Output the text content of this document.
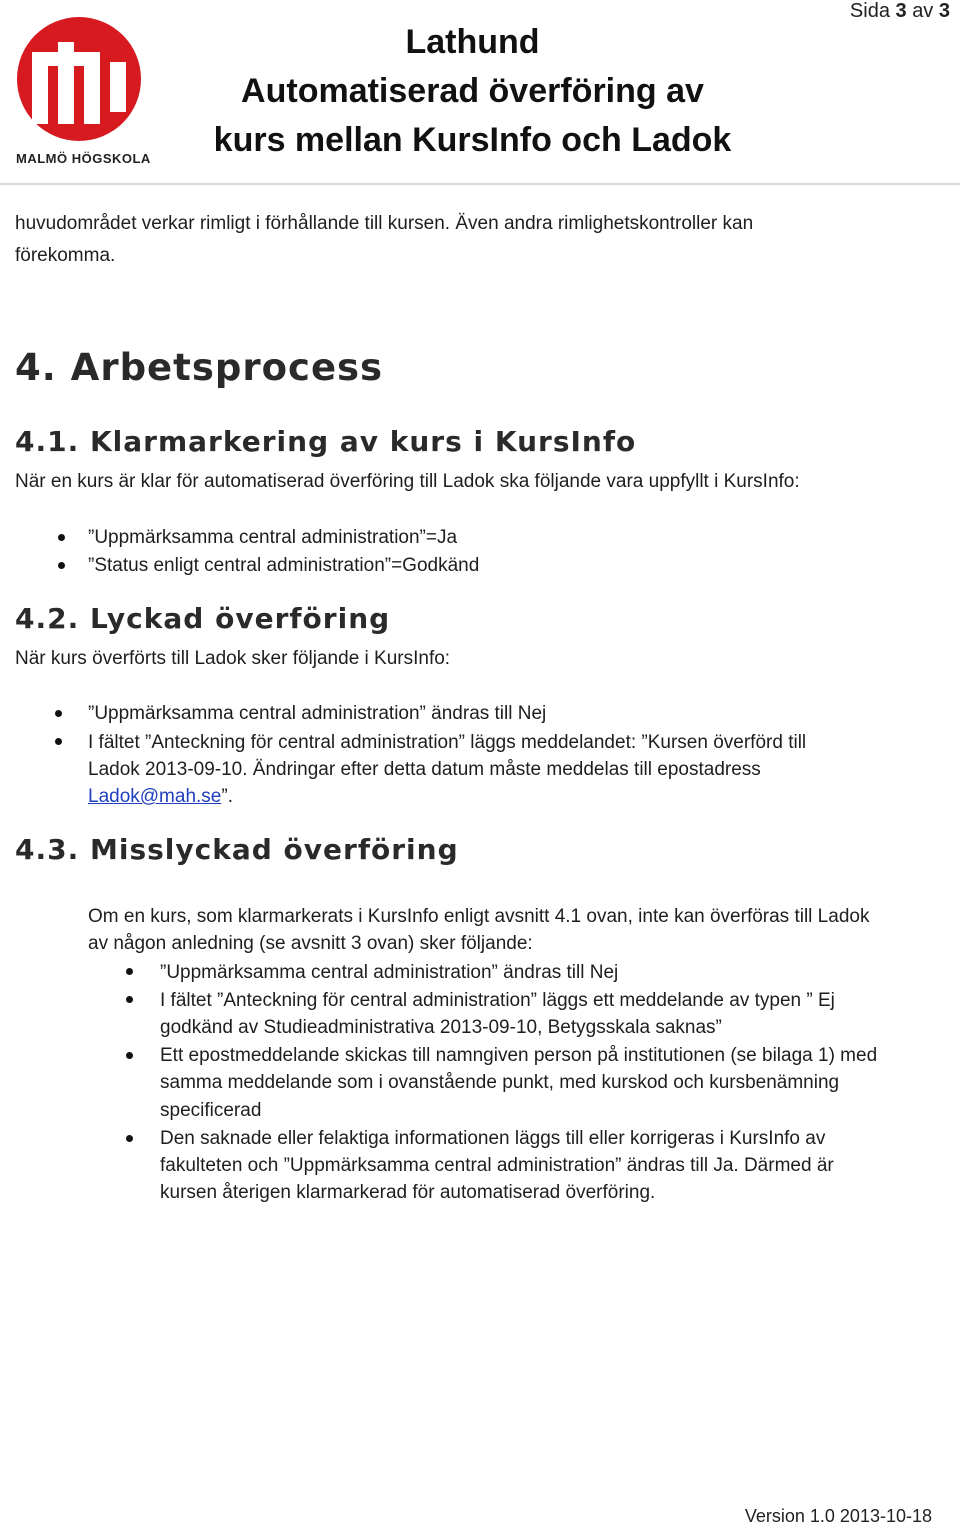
MALMÖ HÖGSKOLA
Lathund
Automatiserad överföring av
kurs mellan KursInfo och Ladok
Sida 3 av 3
huvudområdet verkar rimligt i förhållande till kursen. Även andra rimlighetskontroller kan
förekomma.
4. Arbetsprocess
4.1. Klarmarkering av kurs i KursInfo
När en kurs är klar för automatiserad överföring till Ladok ska följande vara uppfyllt i KursInfo:
”Uppmärksamma central administration”=Ja
”Status enligt central administration”=Godkänd
4.2. Lyckad överföring
När kurs överförts till Ladok sker följande i KursInfo:
”Uppmärksamma central administration” ändras till Nej
I fältet ”Anteckning för central administration” läggs meddelandet: ”Kursen överförd till
Ladok 2013-09-10. Ändringar efter detta datum måste meddelas till epostadress
Ladok@mah.se”.
4.3. Misslyckad överföring
Om en kurs, som klarmarkerats i KursInfo enligt avsnitt 4.1 ovan, inte kan överföras till Ladok
av någon anledning (se avsnitt 3 ovan) sker följande:
”Uppmärksamma central administration” ändras till Nej
I fältet ”Anteckning för central administration” läggs ett meddelande av typen ” Ej
godkänd av Studieadministrativa 2013-09-10, Betygsskala saknas”
Ett epostmeddelande skickas till namngiven person på institutionen (se bilaga 1) med
samma meddelande som i ovanstående punkt, med kurskod och kursbenämning
specificerad
Den saknade eller felaktiga informationen läggs till eller korrigeras i KursInfo av
fakulteten och ”Uppmärksamma central administration” ändras till Ja. Därmed är
kursen återigen klarmarkerad för automatiserad överföring.
Version 1.0 2013-10-18
